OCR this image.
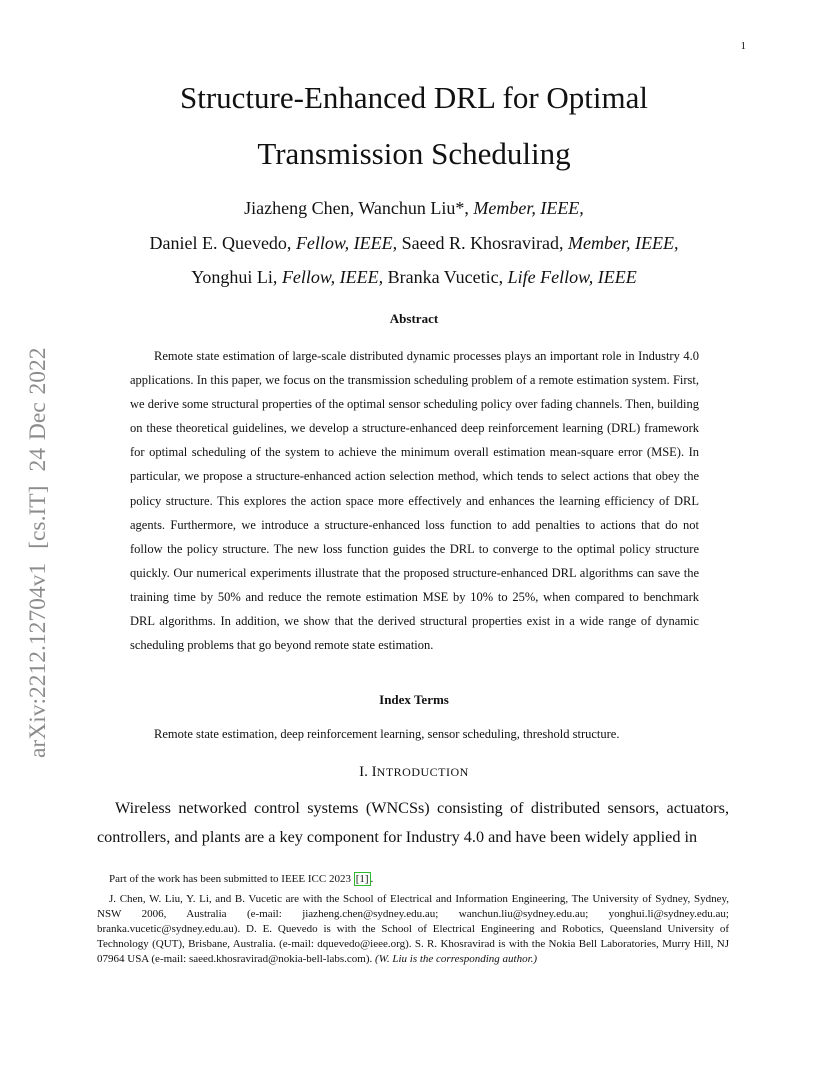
1
arXiv:2212.12704v1
[cs.IT]
24 Dec 2022
Structure-Enhanced DRL for Optimal
Transmission Scheduling
Jiazheng Chen, Wanchun Liu*, Member, IEEE,
Daniel E. Quevedo, Fellow, IEEE, Saeed R. Khosravirad, Member, IEEE,
Yonghui Li, Fellow, IEEE, Branka Vucetic, Life Fellow, IEEE
Abstract

Remote state estimation of large-scale distributed dynamic processes plays an important role in Industry 4.0 applications. In this paper, we focus on the transmission scheduling problem of a remote estimation system. First, we derive some structural properties of the optimal sensor scheduling policy over fading channels. Then, building on these theoretical guidelines, we develop a structure-enhanced deep reinforcement learning (DRL) framework for optimal scheduling of the system to achieve the minimum overall estimation mean-square error (MSE). In particular, we propose a structure-enhanced action selection method, which tends to select actions that obey the policy structure. This explores the action space more effectively and enhances the learning efficiency of DRL agents. Furthermore, we introduce a structure-enhanced loss function to add penalties to actions that do not follow the policy structure. The new loss function guides the DRL to converge to the optimal policy structure quickly. Our numerical experiments illustrate that the proposed structure-enhanced DRL algorithms can save the training time by 50% and reduce the remote estimation MSE by 10% to 25%, when compared to benchmark DRL algorithms. In addition, we show that the derived structural properties exist in a wide range of dynamic scheduling problems that go beyond remote state estimation.

Index Terms
Remote state estimation, deep reinforcement learning, sensor scheduling, threshold structure.
I. INTRODUCTION

Wireless networked control systems (WNCSs) consisting of distributed sensors, actuators, controllers, and plants are a key component for Industry 4.0 and have been widely applied in

Part of the work has been submitted to IEEE ICC 2023 [1] .

J. Chen, W. Liu, Y. Li, and B. Vucetic are with the School of Electrical and Information Engineering, The University of Sydney, Sydney, NSW 2006, Australia (e-mail: jiazheng.chen@sydney.edu.au; wanchun.liu@sydney.edu.au; yonghui.li@sydney.edu.au; branka.vucetic@sydney.edu.au). D. E. Quevedo is with the School of Electrical Engineering and Robotics, Queensland University of Technology (QUT), Brisbane, Australia. (e-mail: dquevedo@ieee.org). S. R. Khosravirad is with the Nokia Bell Laboratories, Murry Hill, NJ 07964 USA (e-mail: saeed.khosravirad@nokia-bell-labs.com). (W. Liu is the corresponding author.)
